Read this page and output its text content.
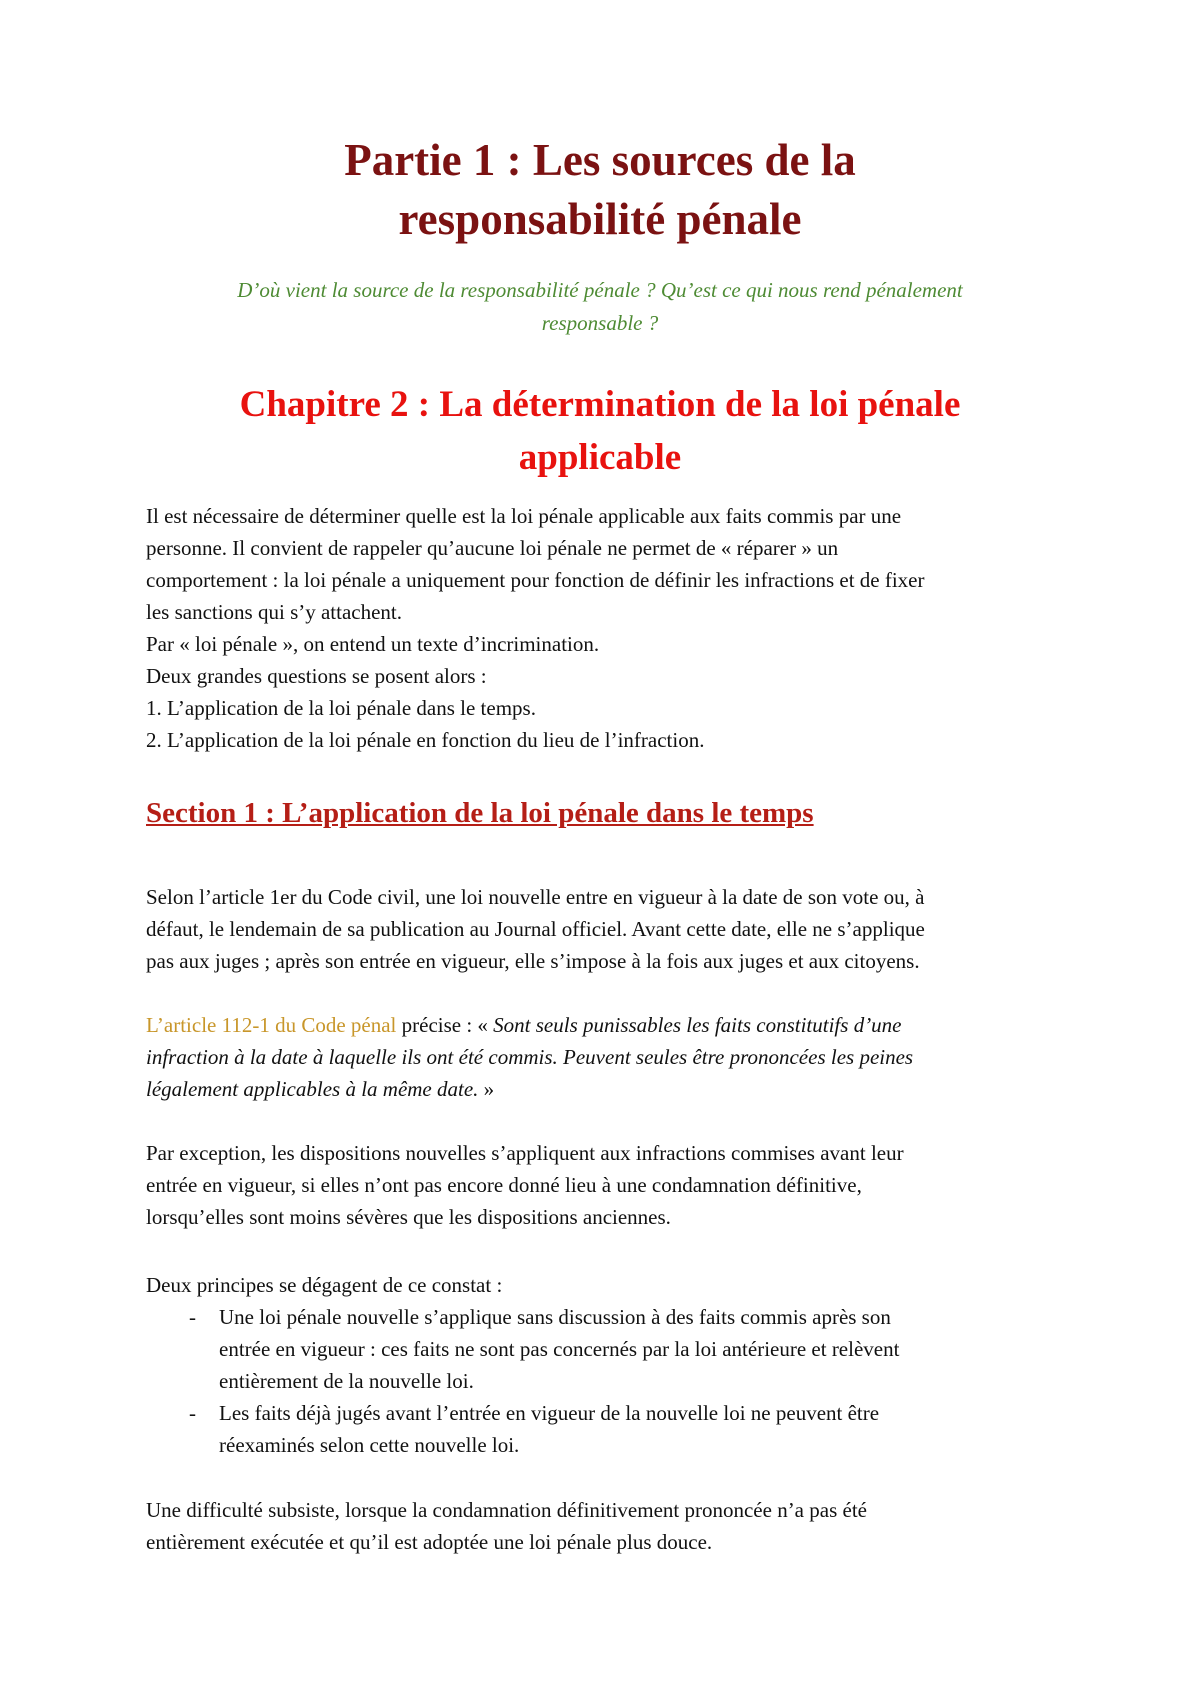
Partie 1 : Les sources de la
responsabilité pénale

D’où vient la source de la responsabilité pénale ? Qu’est ce qui nous rend pénalement
responsable ?

Chapitre 2 : La détermination de la loi pénale
applicable

Il est nécessaire de déterminer quelle est la loi pénale applicable aux faits commis par une
personne. Il convient de rappeler qu’aucune loi pénale ne permet de « réparer » un
comportement : la loi pénale a uniquement pour fonction de définir les infractions et de fixer
les sanctions qui s’y attachent.
Par « loi pénale », on entend un texte d’incrimination.
Deux grandes questions se posent alors :
1. L’application de la loi pénale dans le temps.
2. L’application de la loi pénale en fonction du lieu de l’infraction.

Section 1 : L’application de la loi pénale dans le temps

Selon l’article 1er du Code civil, une loi nouvelle entre en vigueur à la date de son vote ou, à
défaut, le lendemain de sa publication au Journal officiel. Avant cette date, elle ne s’applique
pas aux juges ; après son entrée en vigueur, elle s’impose à la fois aux juges et aux citoyens.

L’article 112-1 du Code pénal précise : « Sont seuls punissables les faits constitutifs d’une
infraction à la date à laquelle ils ont été commis. Peuvent seules être prononcées les peines
légalement applicables à la même date. »

Par exception, les dispositions nouvelles s’appliquent aux infractions commises avant leur
entrée en vigueur, si elles n’ont pas encore donné lieu à une condamnation définitive,
lorsqu’elles sont moins sévères que les dispositions anciennes.

Deux principes se dégagent de ce constat :

- Une loi pénale nouvelle s’applique sans discussion à des faits commis après son
entrée en vigueur : ces faits ne sont pas concernés par la loi antérieure et relèvent
entièrement de la nouvelle loi.
- Les faits déjà jugés avant l’entrée en vigueur de la nouvelle loi ne peuvent être
réexaminés selon cette nouvelle loi.

Une difficulté subsiste, lorsque la condamnation définitivement prononcée n’a pas été
entièrement exécutée et qu’il est adoptée une loi pénale plus douce.
